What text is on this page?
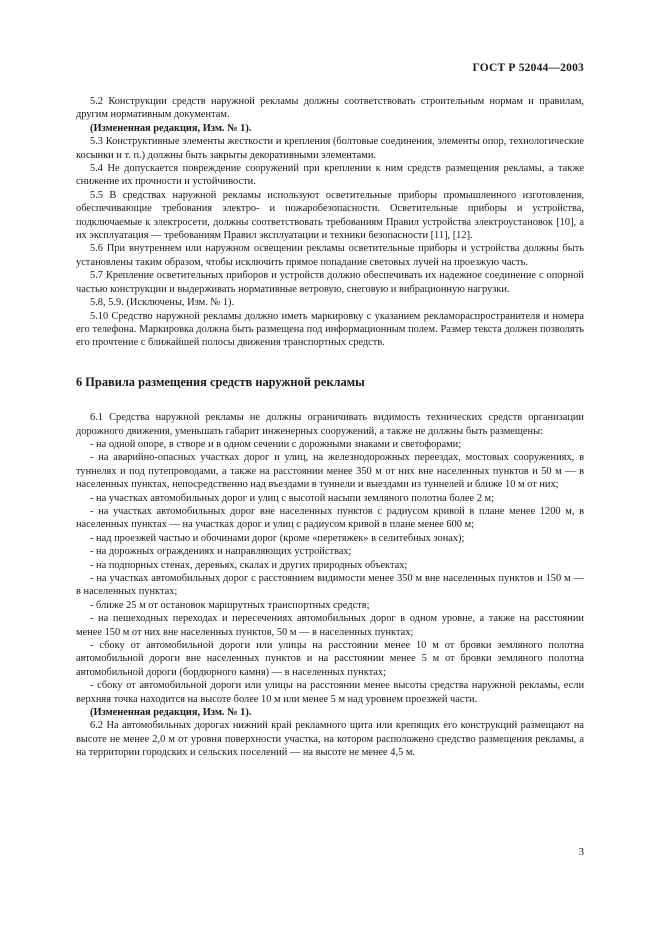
ГОСТ Р 52044—2003

5.2 Конструкции средств наружной рекламы должны соответствовать строительным нормам и правилам, другим нормативным документам.

(Измененная редакция, Изм. № 1).

5.3 Конструктивные элементы жесткости и крепления (болтовые соединения, элементы опор, технологические косынки и т. п.) должны быть закрыты декоративными элементами.

5.4 Не допускается повреждение сооружений при креплении к ним средств размещения рекламы, а также снижение их прочности и устойчивости.

5.5 В средствах наружной рекламы используют осветительные приборы промышленного изготовления, обеспечивающие требования электро- и пожаробезопасности. Осветительные приборы и устройства, подключаемые к электросети, должны соответствовать требованиям Правил устройства электроустановок [10], а их эксплуатация — требованиям Правил эксплуатации и техники безопасности [11], [12].

5.6 При внутреннем или наружном освещении рекламы осветительные приборы и устройства должны быть установлены таким образом, чтобы исключить прямое попадание световых лучей на проезжую часть.

5.7 Крепление осветительных приборов и устройств должно обеспечивать их надежное соединение с опорной частью конструкции и выдерживать нормативные ветровую, снеговую и вибрационную нагрузки.

5.8, 5.9. (Исключены, Изм. № 1).

5.10 Средство наружной рекламы должно иметь маркировку с указанием рекламораспространителя и номера его телефона. Маркировка должна быть размещена под информационным полем. Размер текста должен позволять его прочтение с ближайшей полосы движения транспортных средств.

6 Правила размещения средств наружной рекламы

6.1 Средства наружной рекламы не должны ограничивать видимость технических средств организации дорожного движения, уменьшать габарит инженерных сооружений, а также не должны быть размещены:

- на одной опоре, в створе и в одном сечении с дорожными знаками и светофорами;

- на аварийно-опасных участках дорог и улиц, на железнодорожных переездах, мостовых сооружениях, в туннелях и под путепроводами, а также на расстоянии менее 350 м от них вне населенных пунктов и 50 м — в населенных пунктах, непосредственно над въездами в туннели и выездами из туннелей и ближе 10 м от них;

- на участках автомобильных дорог и улиц с высотой насыпи земляного полотна более 2 м;

- на участках автомобильных дорог вне населенных пунктов с радиусом кривой в плане менее 1200 м, в населенных пунктах — на участках дорог и улиц с радиусом кривой в плане менее 600 м;

- над проезжей частью и обочинами дорог (кроме «перетяжек» в селитебных зонах);

- на дорожных ограждениях и направляющих устройствах;

- на подпорных стенах, деревьях, скалах и других природных объектах;

- на участках автомобильных дорог с расстоянием видимости менее 350 м вне населенных пунктов и 150 м — в населенных пунктах;

- ближе 25 м от остановок маршрутных транспортных средств;

- на пешеходных переходах и пересечениях автомобильных дорог в одном уровне, а также на расстоянии менее 150 м от них вне населенных пунктов, 50 м — в населенных пунктах;

- сбоку от автомобильной дороги или улицы на расстоянии менее 10 м от бровки земляного полотна автомобильной дороги вне населенных пунктов и на расстоянии менее 5 м от бровки земляного полотна автомобильной дороги (бордюрного камня) — в населенных пунктах;

- сбоку от автомобильной дороги или улицы на расстоянии менее высоты средства наружной рекламы, если верхняя точка находится на высоте более 10 м или менее 5 м над уровнем проезжей части.

(Измененная редакция, Изм. № 1).

6.2 На автомобильных дорогах нижний край рекламного щита или крепящих его конструкций размещают на высоте не менее 2,0 м от уровня поверхности участка, на котором расположено средство размещения рекламы, а на территории городских и сельских поселений — на высоте не менее 4,5 м.

3
